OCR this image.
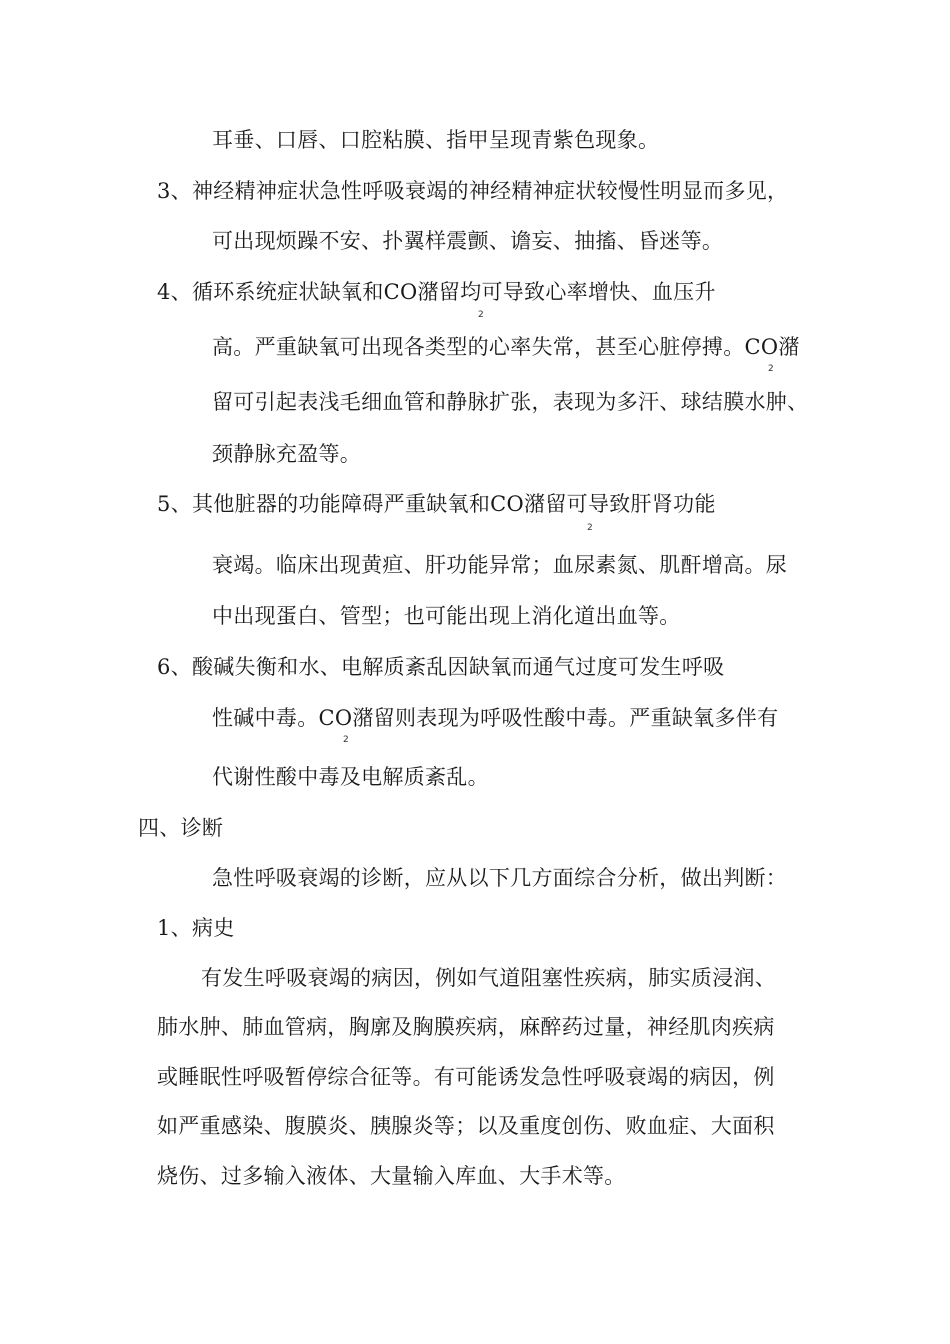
耳垂、口唇、口腔粘膜、指甲呈现青紫色现象。
3、神经精神症状急性呼吸衰竭的神经精神症状较慢性明显而多见，
可出现烦躁不安、扑翼样震颤、谵妄、抽搐、昏迷等。
4、循环系统症状缺氧和CO潴留均可导致心率增快、血压升
2
高。严重缺氧可出现各类型的心率失常，甚至心脏停搏。CO潴
2
留可引起表浅毛细血管和静脉扩张，表现为多汗、球结膜水肿、
颈静脉充盈等。
5、其他脏器的功能障碍严重缺氧和CO潴留可导致肝肾功能
2
衰竭。临床出现黄疸、肝功能异常；血尿素氮、肌酐增高。尿
中出现蛋白、管型；也可能出现上消化道出血等。
6、酸碱失衡和水、电解质紊乱因缺氧而通气过度可发生呼吸
性碱中毒。CO潴留则表现为呼吸性酸中毒。严重缺氧多伴有
2
代谢性酸中毒及电解质紊乱。
四、诊断
急性呼吸衰竭的诊断，应从以下几方面综合分析，做出判断：
1、病史
有发生呼吸衰竭的病因，例如气道阻塞性疾病，肺实质浸润、
肺水肿、肺血管病，胸廓及胸膜疾病，麻醉药过量，神经肌肉疾病
或睡眠性呼吸暂停综合征等。有可能诱发急性呼吸衰竭的病因，例
如严重感染、腹膜炎、胰腺炎等；以及重度创伤、败血症、大面积
烧伤、过多输入液体、大量输入库血、大手术等。
